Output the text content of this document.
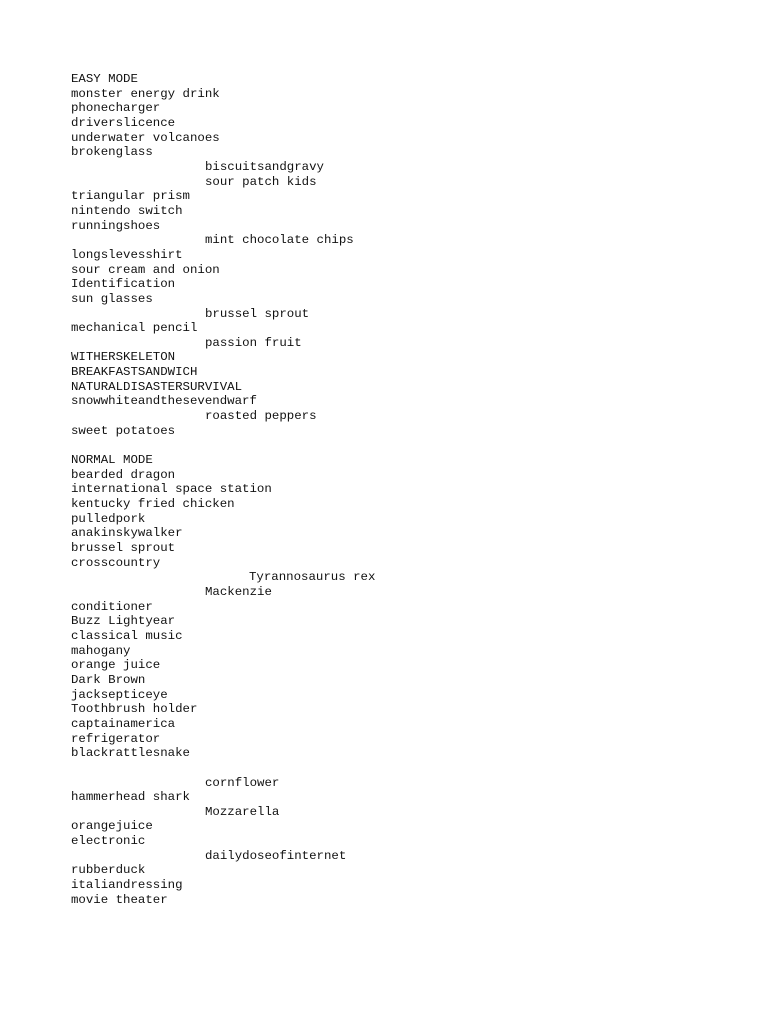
EASY MODE
monster energy drink
phonecharger
driverslicence
underwater volcanoes
brokenglass
biscuitsandgravy
sour patch kids
triangular prism
nintendo switch
runningshoes
mint chocolate chips
longslevesshirt
sour cream and onion
Identification
sun glasses
brussel sprout
mechanical pencil
passion fruit
WITHERSKELETON
BREAKFASTSANDWICH
NATURALDISASTERSURVIVAL
snowwhiteandthesevendwarf
roasted peppers
sweet potatoes
NORMAL MODE
bearded dragon
international space station
kentucky fried chicken
pulledpork
anakinskywalker
brussel sprout
crosscountry
Tyrannosaurus rex
Mackenzie
conditioner
Buzz Lightyear
classical music
mahogany
orange juice
Dark Brown
jacksepticeye
Toothbrush holder
captainamerica
refrigerator
blackrattlesnake
cornflower
hammerhead shark
Mozzarella
orangejuice
electronic
dailydoseofinternet
rubberduck
italiandressing
movie theater
